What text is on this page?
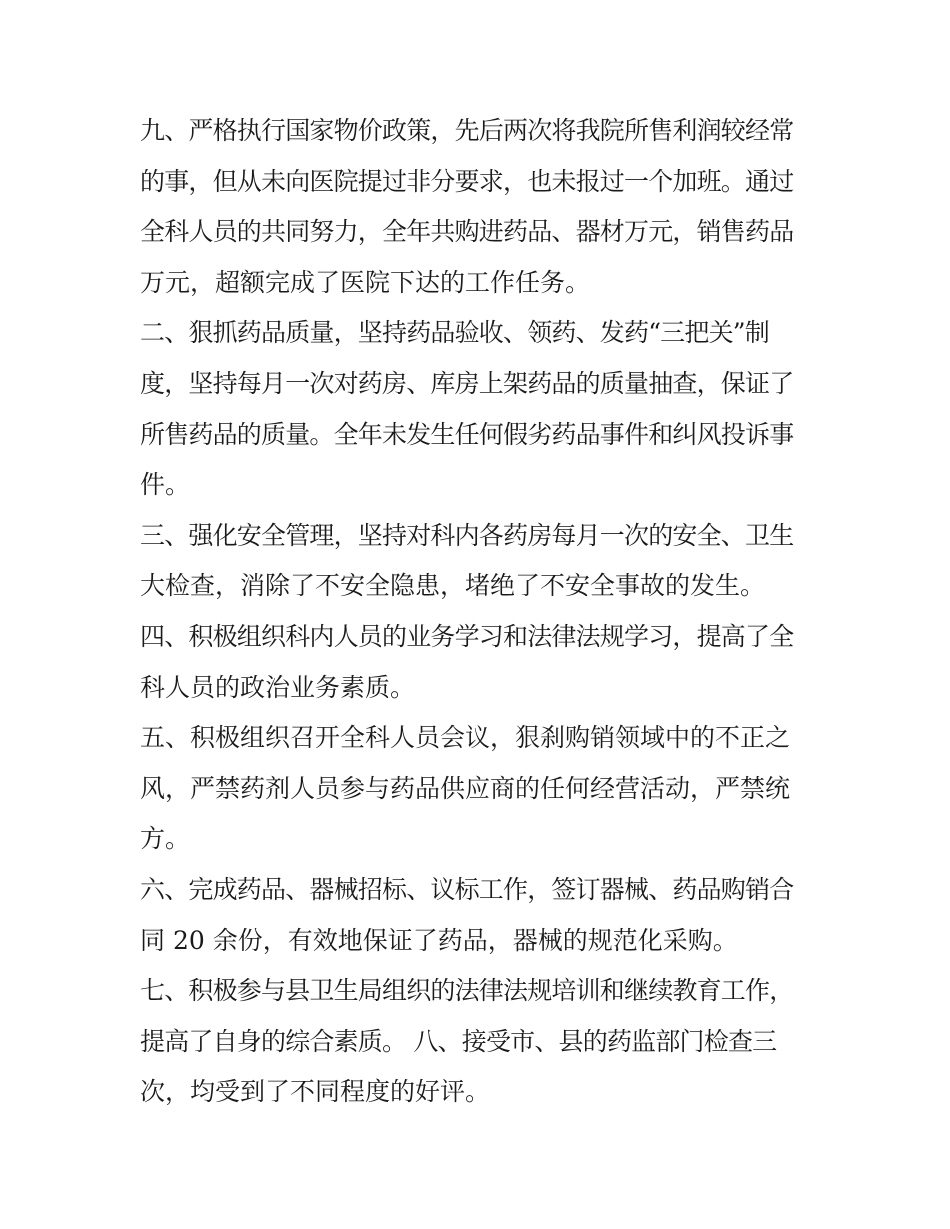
九、严格执行国家物价政策，先后两次将我院所售利润较经常
的事，但从未向医院提过非分要求，也未报过一个加班。通过
全科人员的共同努力，全年共购进药品、器材万元，销售药品
万元，超额完成了医院下达的工作任务。
二、狠抓药品质量，坚持药品验收、领药、发药“三把关”制
度，坚持每月一次对药房、库房上架药品的质量抽查，保证了
所售药品的质量。全年未发生任何假劣药品事件和纠风投诉事
件。
三、强化安全管理，坚持对科内各药房每月一次的安全、卫生
大检查，消除了不安全隐患，堵绝了不安全事故的发生。
四、积极组织科内人员的业务学习和法律法规学习，提高了全
科人员的政治业务素质。
五、积极组织召开全科人员会议，狠刹购销领域中的不正之
风，严禁药剂人员参与药品供应商的任何经营活动，严禁统
方。
六、完成药品、器械招标、议标工作，签订器械、药品购销合
同 20 余份，有效地保证了药品，器械的规范化采购。
七、积极参与县卫生局组织的法律法规培训和继续教育工作，
提高了自身的综合素质。 八、接受市、县的药监部门检查三
次，均受到了不同程度的好评。
